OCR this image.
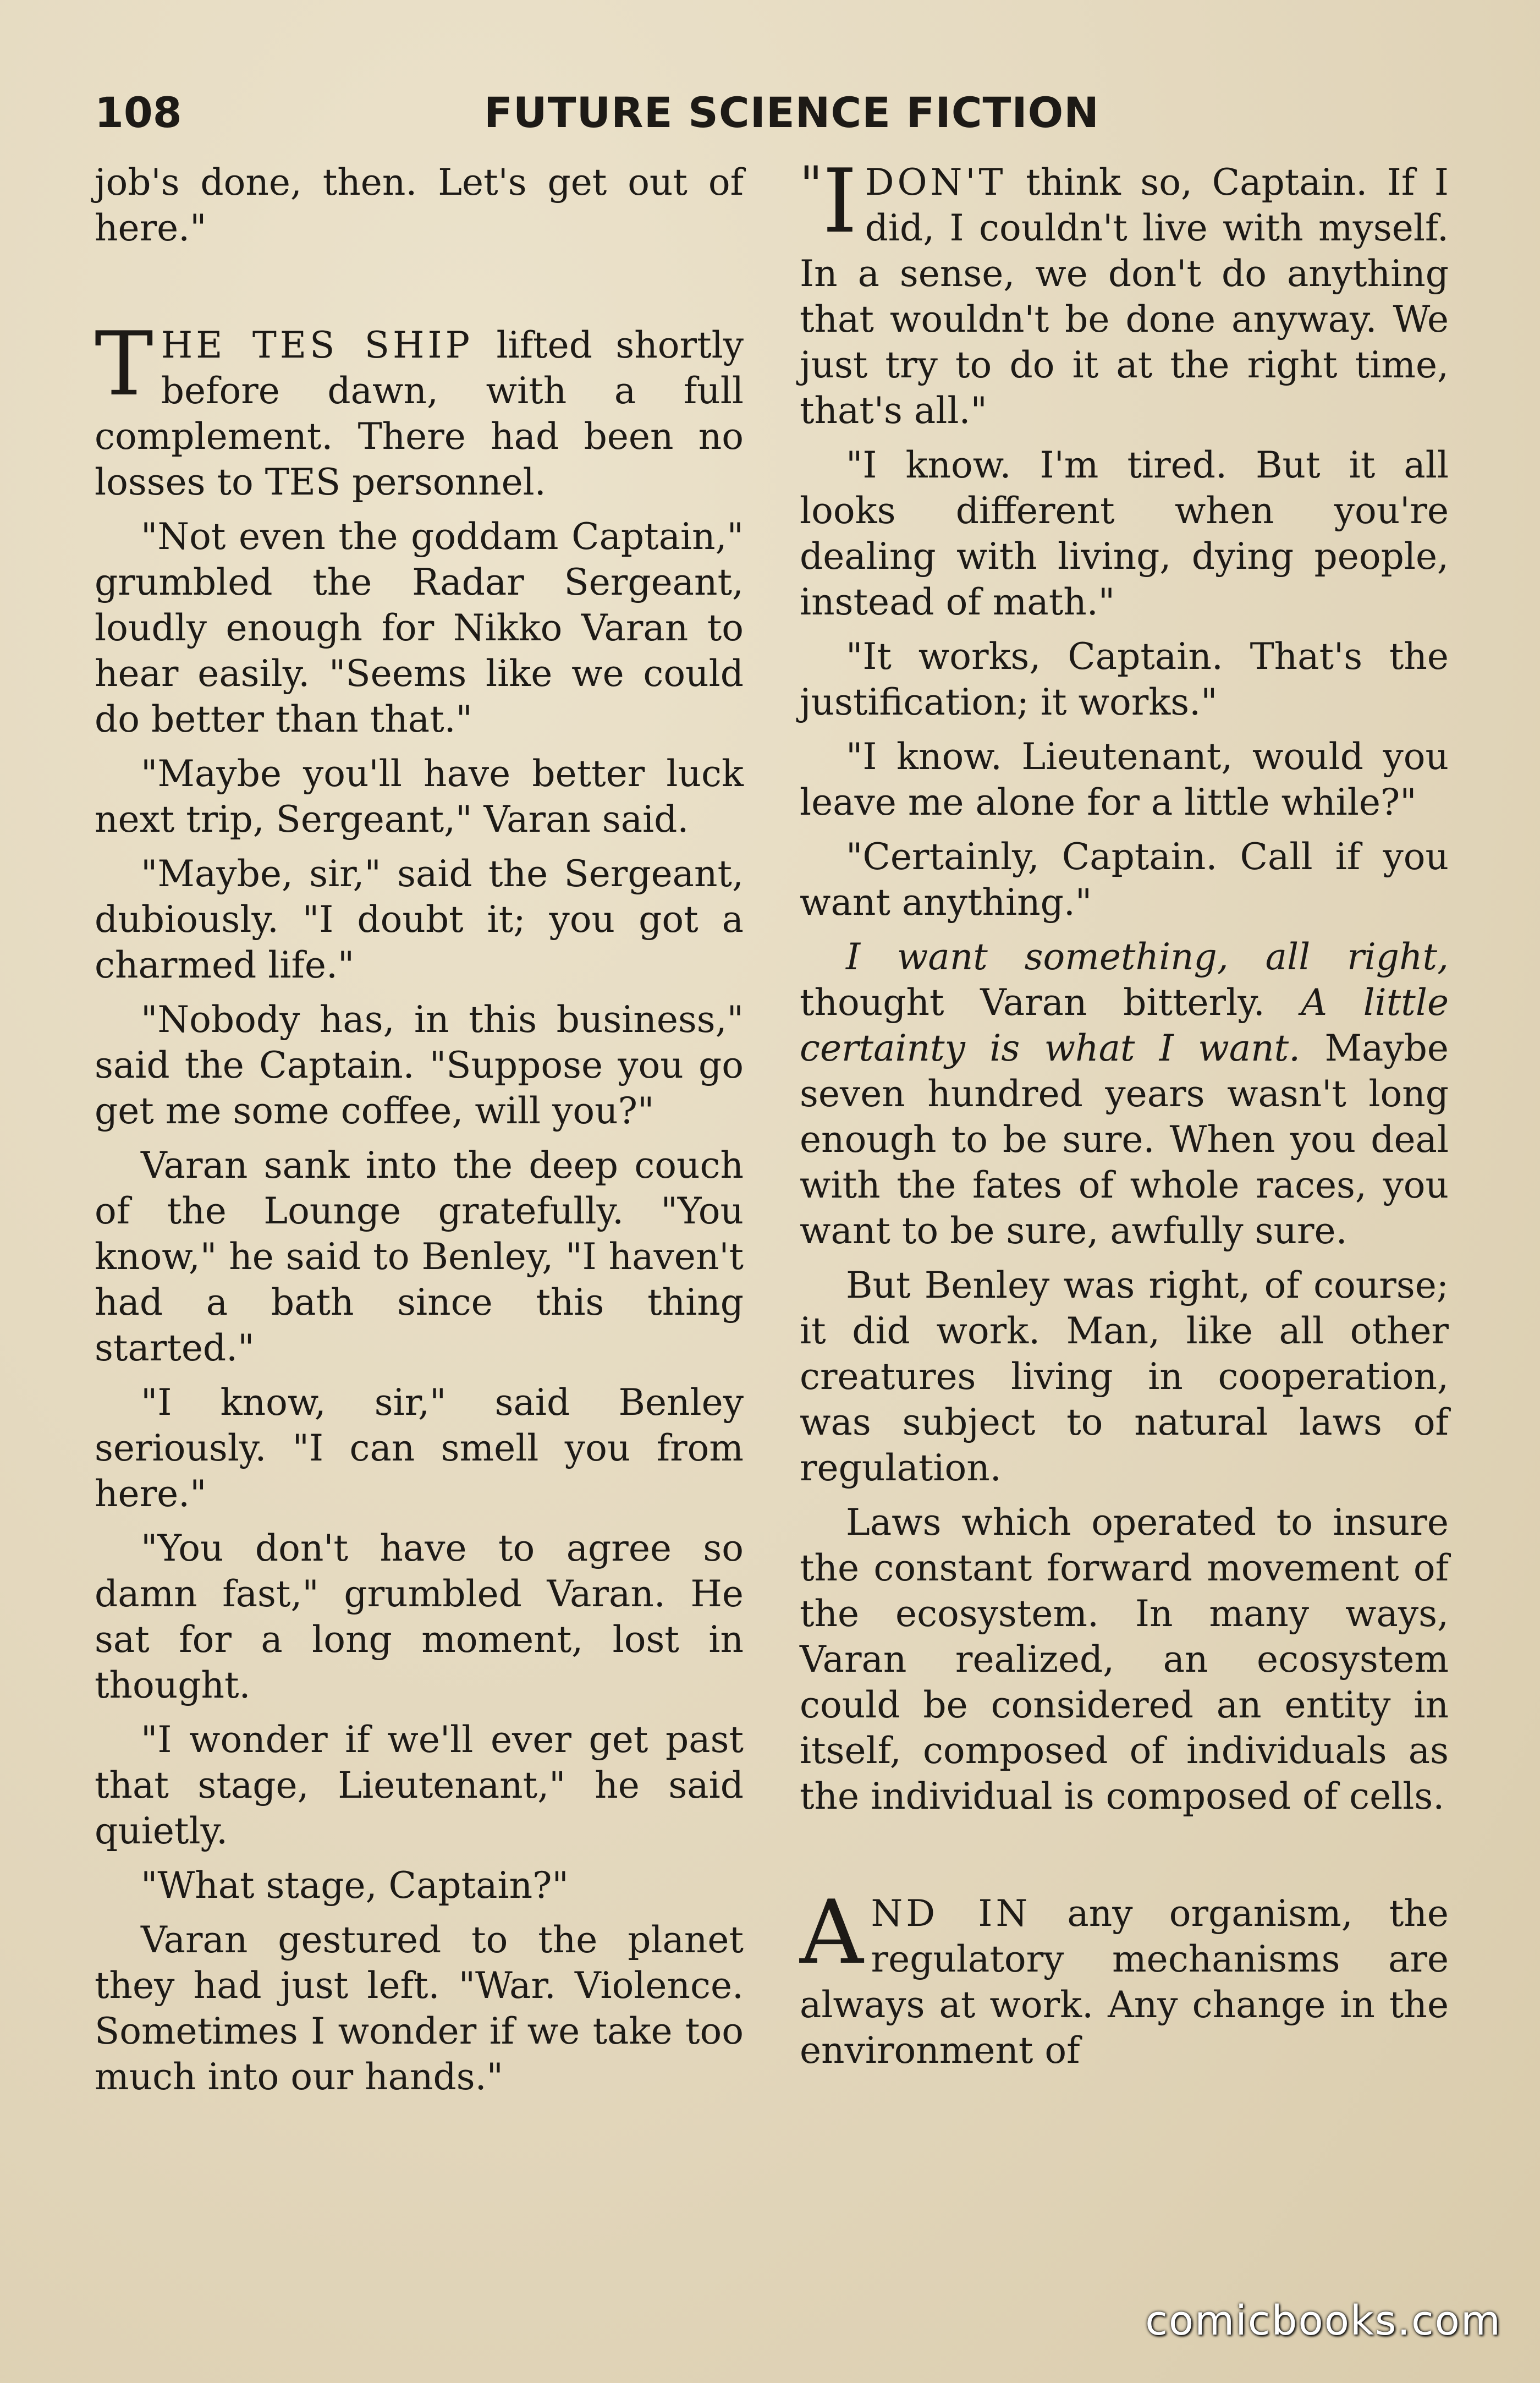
108	FUTURE SCIENCE FICTION

job's done, then. Let's get out of here."

THE TES SHIP lifted shortly before dawn, with a full complement. There had been no losses to TES personnel.

"Not even the goddam Captain," grumbled the Radar Sergeant, loudly enough for Nikko Varan to hear easily. "Seems like we could do better than that."

"Maybe you'll have better luck next trip, Sergeant," Varan said.

"Maybe, sir," said the Sergeant, dubiously. "I doubt it; you got a charmed life."

"Nobody has, in this business," said the Captain. "Suppose you go get me some coffee, will you?"

Varan sank into the deep couch of the Lounge gratefully. "You know," he said to Benley, "I haven't had a bath since this thing started."

"I know, sir," said Benley seriously. "I can smell you from here."

"You don't have to agree so damn fast," grumbled Varan. He sat for a long moment, lost in thought.

"I wonder if we'll ever get past that stage, Lieutenant," he said quietly.

"What stage, Captain?"

Varan gestured to the planet they had just left. "War. Violence. Sometimes I wonder if we take too much into our hands."

"I DON'T think so, Captain. If I did, I couldn't live with myself. In a sense, we don't do anything that wouldn't be done anyway. We just try to do it at the right time, that's all."

"I know. I'm tired. But it all looks different when you're dealing with living, dying people, instead of math."

"It works, Captain. That's the justification; it works."

"I know. Lieutenant, would you leave me alone for a little while?"

"Certainly, Captain. Call if you want anything."

I want something, all right, thought Varan bitterly. A little certainty is what I want. Maybe seven hundred years wasn't long enough to be sure. When you deal with the fates of whole races, you want to be sure, awfully sure.

But Benley was right, of course; it did work. Man, like all other creatures living in cooperation, was subject to natural laws of regulation.

Laws which operated to insure the constant forward movement of the ecosystem. In many ways, Varan realized, an ecosystem could be considered an entity in itself, composed of individuals as the individual is composed of cells.

AND IN any organism, the regulatory mechanisms are always at work. Any change in the environment of

comicbooks.com
